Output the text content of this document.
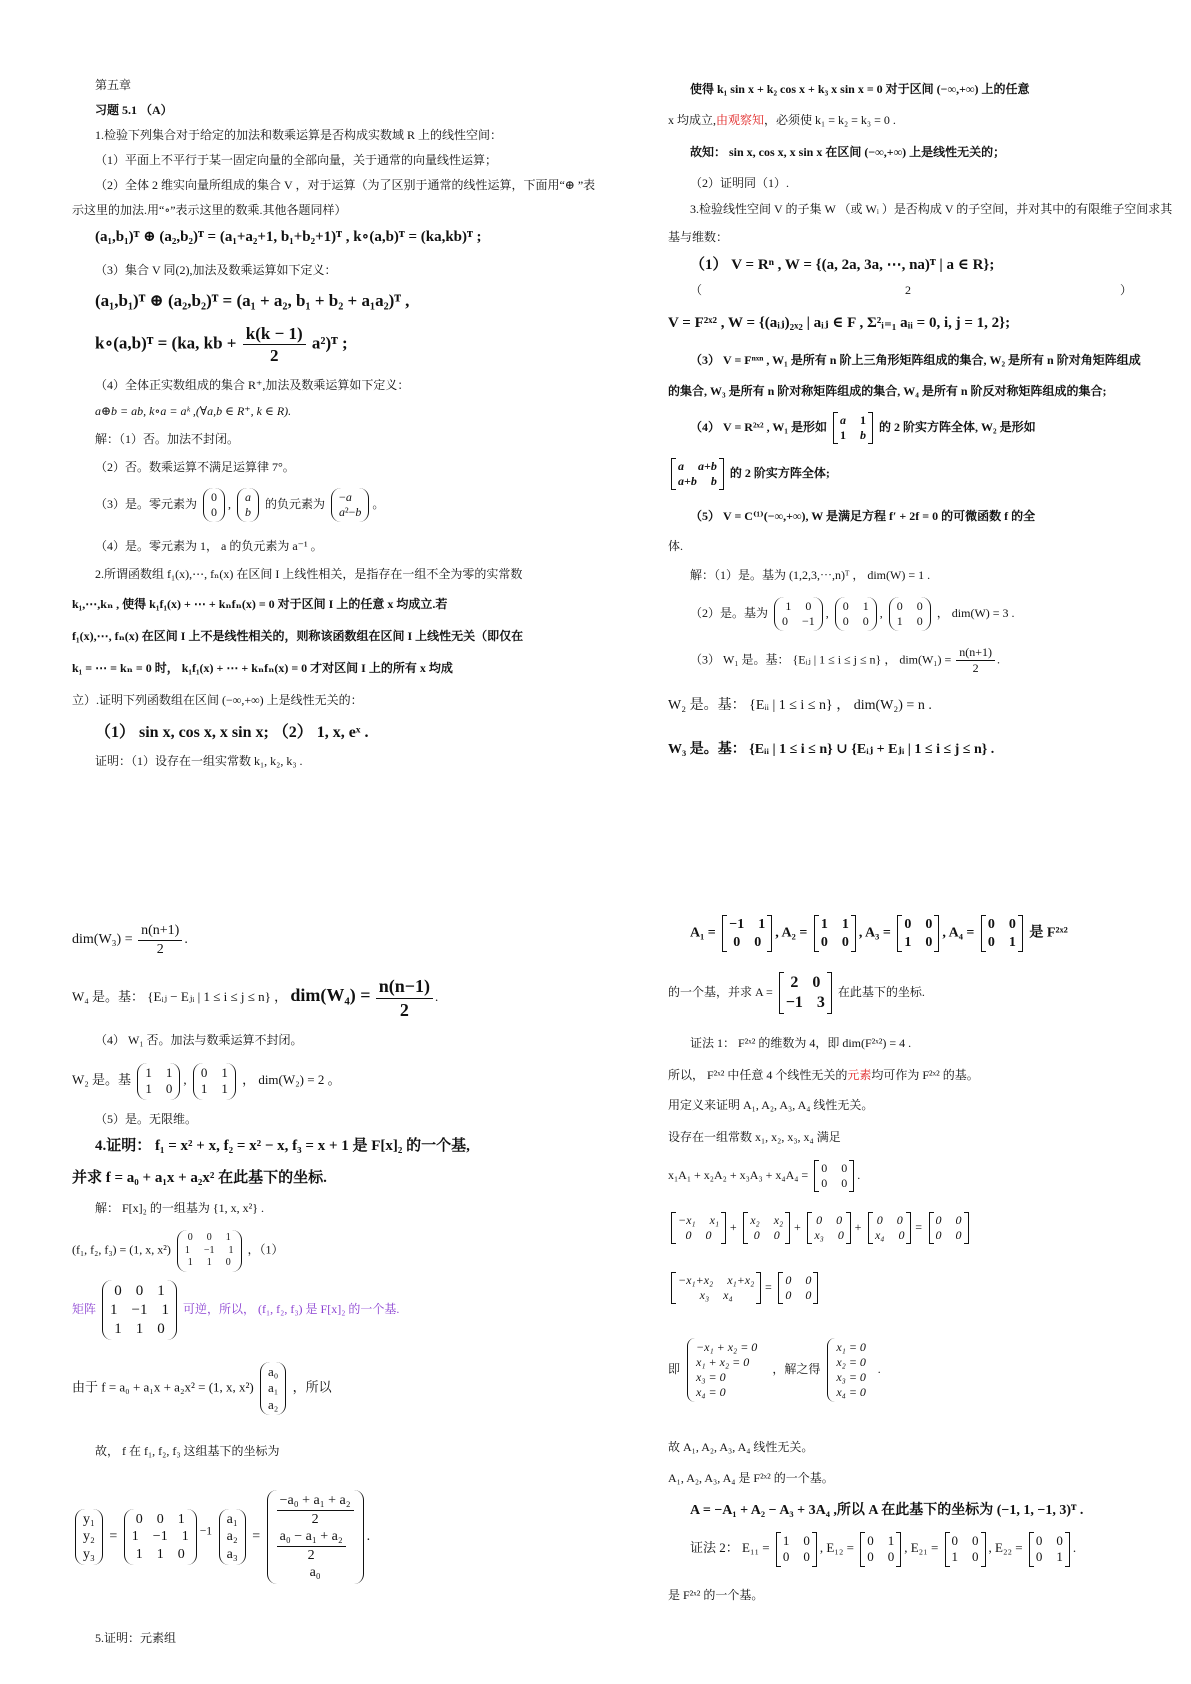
第五章
习题 5.1 （A）
1.检验下列集合对于给定的加法和数乘运算是否构成实数域 R 上的线性空间：
（1）平面上不平行于某一固定向量的全部向量，关于通常的向量线性运算；
（2）全体 2 维实向量所组成的集合 V ，对于运算（为了区别于通常的线性运算，下面用“⊕ ”表
示这里的加法.用“∘”表示这里的数乘.其他各题同样）
(a₁,b₁)ᵀ ⊕ (a₂,b₂)ᵀ = (a₁+a₂+1, b₁+b₂+1)ᵀ , k∘(a,b)ᵀ = (ka,kb)ᵀ ;
（3）集合 V 同(2),加法及数乘运算如下定义：
(a₁,b₁)ᵀ ⊕ (a₂,b₂)ᵀ = (a₁ + a₂, b₁ + b₂ + a₁a₂)ᵀ ,
k∘(a,b)ᵀ = (ka, kb + $\frac{k(k - 1)}{2}$ a²)ᵀ ;
（4）全体正实数组成的集合 R⁺,加法及数乘运算如下定义：
a⊕b = ab, k∘a = aᵏ ,(∀a,b ∈ R⁺, k ∈ R).
解：（1）否。加法不封闭。
（2）否。数乘运算不满足运算律 7°。
（3）是。零元素为 0
0
, a
b
的负元素为 −a
a²−b
。
（4）是。零元素为 1， a 的负元素为 a⁻¹ 。
2.所谓函数组 f₁(x),⋯, fₙ(x) 在区间 I 上线性相关，是指存在一组不全为零的实常数
k₁,⋯,kₙ , 使得 k₁f₁(x) + ⋯ + kₙfₙ(x) = 0 对于区间 I 上的任意 x 均成立.若
f₁(x),⋯, fₙ(x) 在区间 I 上不是线性相关的，则称该函数组在区间 I 上线性无关（即仅在
k₁ = ⋯ = kₙ = 0 时， k₁f₁(x) + ⋯ + kₙfₙ(x) = 0 才对区间 I 上的所有 x 均成
立）.证明下列函数组在区间 (−∞,+∞) 上是线性无关的：
（1） sin x, cos x, x sin x; （2） 1, x, eˣ .
证明：（1）设存在一组实常数 k₁, k₂, k₃ .
使得 k₁ sin x + k₂ cos x + k₃ x sin x = 0 对于区间 (−∞,+∞) 上的任意
x 均成立,由观察知，必须使 k₁ = k₂ = k₃ = 0 .
故知： sin x, cos x, x sin x 在区间 (−∞,+∞) 上是线性无关的；
（2）证明同（1）.
3.检验线性空间 V 的子集 W （或 Wᵢ ）是否构成 V 的子空间，并对其中的有限维子空间求其
基与维数：
（1） V = Rⁿ , W = {(a, 2a, 3a, ⋯, na)ᵀ | a ∈ R};
（	2	）
V = F²ˣ² , W = {(aᵢⱼ)₂ₓ₂ | aᵢⱼ ∈ F , Σ²ᵢ₌₁ aᵢᵢ = 0, i, j = 1, 2};
（3） V = Fⁿˣⁿ , W₁ 是所有 n 阶上三角形矩阵组成的集合, W₂ 是所有 n 阶对角矩阵组成
的集合, W₃ 是所有 n 阶对称矩阵组成的集合, W₄ 是所有 n 阶反对称矩阵组成的集合;
（4） V = R²ˣ² , W₁ 是形如 a 1
1 b
的 2 阶实方阵全体, W₂ 是形如
a a+b
a+b b
的 2 阶实方阵全体;
（5） V = C⁽¹⁾(−∞,+∞), W 是满足方程 f′ + 2f = 0 的可微函数 f 的全
体.
解：（1）是。基为 (1,2,3,⋯,n)ᵀ ， dim(W) = 1 .
（2）是。基为 1 0
0 −1
, 0 1
0 0
, 0 0
1 0
， dim(W) = 3 .
（3） W₁ 是。基： {Eᵢⱼ | 1 ≤ i ≤ j ≤ n} ， $dim(W_1) = \frac{n(n+1)}{2}$ .
W₂ 是。基： {Eᵢᵢ | 1 ≤ i ≤ n} ， dim(W₂) = n .
W₃ 是。基： {Eᵢᵢ | 1 ≤ i ≤ n} ∪ {Eᵢⱼ + Eⱼᵢ | 1 ≤ i ≤ j ≤ n} .
$dim(W_3) = \frac{n(n+1)}{2}$ .
W₄ 是。基： {Eᵢⱼ − Eⱼᵢ | 1 ≤ i ≤ j ≤ n} ， $dim(W_4) = \frac{n(n-1)}{2}$ .
（4） W₁ 否。加法与数乘运算不封闭。
W₂ 是。基 1 1
1 0
, 0 1
1 1
， dim(W₂) = 2 。
（5）是。无限维。
4.证明： f₁ = x² + x, f₂ = x² − x, f₃ = x + 1 是 F[x]₂ 的一个基,
并求 f = a₀ + a₁x + a₂x² 在此基下的坐标.
解： F[x]₂ 的一组基为 {1, x, x²} .
(f₁, f₂, f₃) = (1, x, x²)
0 0 1
1 −1 1
1 1 0
，（1）
矩阵
0 0 1
1 −1 1
1 1 0
可逆，所以， (f₁, f₂, f₃) 是 F[x]₂ 的一个基.
由于 f = a₀ + a₁x + a₂x² = (1, x, x²)
a₀
a₁
a₂
，所以
故， f 在 f₁, f₂, f₃ 这组基下的坐标为
y₁
y₂
y₃
=
0 0 1
1 −1 1
1 1 0
$^{-1}$
a₁
a₂
a₃
=
$\frac{\text{−a₀ + a₁ + a₂}}{2}$

$\frac{\text{a₀ − a₁ + a₂}}{2}$

a₀
.
5.证明：元素组
A₁ =
−1 1
0 0
, A₂ =
1 1
0 0
, A₃ =
0 0
1 0
, A₄ =
0 0
0 1
是 F²ˣ²
的一个基，并求 A =
2 0
−1 3
在此基下的坐标.
证法 1： F²ˣ² 的维数为 4，即 dim(F²ˣ²) = 4 .
所以， F²ˣ² 中任意 4 个线性无关的元素均可作为 F²ˣ² 的基。
用定义来证明 A₁, A₂, A₃, A₄ 线性无关。
设存在一组常数 x₁, x₂, x₃, x₄ 满足
x₁A₁ + x₂A₂ + x₃A₃ + x₄A₄ = 0 0
0 0
.
−x₁ x₁
0 0
+ x₂ x₂
0 0
+ 0 0
x₃ 0
+ 0 0
x₄ 0
= 0 0
0 0
−x₁+x₂ x₁+x₂
x₃ x₄
= 0 0
0 0
即
−x₁ + x₂ = 0
x₁ + x₂ = 0
x₃ = 0
x₄ = 0
，解之得
x₁ = 0
x₂ = 0
x₃ = 0
x₄ = 0
.
故 A₁, A₂, A₃, A₄ 线性无关。
A₁, A₂, A₃, A₄ 是 F²ˣ² 的一个基。
A = −A₁ + A₂ − A₃ + 3A₄ ,所以 A 在此基下的坐标为 (−1, 1, −1, 3)ᵀ .
证法 2： E₁₁ = 1 0
0 0
, E₁₂ = 0 1
0 0
, E₂₁ = 0 0
1 0
, E₂₂ = 0 0
0 1
.
是 F²ˣ² 的一个基。
